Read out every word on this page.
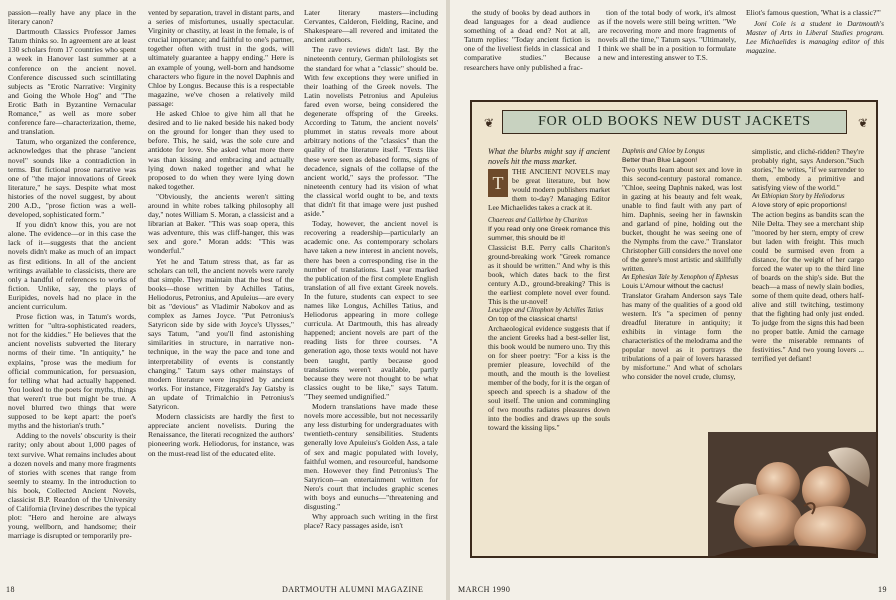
passion—really have any place in the literary canon?

Dartmouth Classics Professor James Tatum thinks so. In agreement are at least 130 scholars from 17 countries who spent a week in Hanover last summer at a conference on the ancient novel. Conference discussed such scintillating subjects as "Erotic Narrative: Virginity and Going the Whole Hog" and "The Erotic Bath in Byzantine Vernacular Romance," as well as more sober conference fare—characterization, theme, and translation.

Tatum, who organized the conference, acknowledges that the phrase "ancient novel" sounds like a contradiction in terms. But fictional prose narrative was one of "the major innovations of Greek literature," he says. Despite what most histories of the novel suggest, by about 200 A.D., "prose fiction was a well-developed, sophisticated form."

If you didn't know this, you are not alone. The evidence—or in this case the lack of it—suggests that the ancient novels didn't make as much of an impact as first editions. In all of the ancient writings available to classicists, there are only a handful of references to works of fiction. Unlike, say, the plays of Euripides, novels had no place in the ancient curriculum.

Prose fiction was, in Tatum's words, written for "ultra-sophisticated readers, not for the kiddies." He believes that the ancient novelists subverted the literary norms of their time. "In antiquity," he explains, "prose was the medium for official communication, for persuasion, for telling what had actually happened. You looked to the poets for myths, things that weren't true but might be true. A novel blurred two things that were supposed to be kept apart: the poet's myths and the historian's truth."

Adding to the novels' obscurity is their rarity; only about about 1,000 pages of text survive. What remains includes about a dozen novels and many more fragments of stories with scenes that range from seemly to steamy. In the introduction to his book, Collected Ancient Novels, classicist B.P. Reardon of the University of California (Irvine) describes the typical plot: "Hero and heroine are always young, wellborn, and handsome; their marriage is disrupted or temporarily pre-

vented by separation, travel in distant parts, and a series of misfortunes, usually spectacular. Virginity or chastity, at least in the female, is of crucial importance; and faithful to one's partner, together often with trust in the gods, will ultimately guarantee a happy ending." Here is an example of young, well-born and handsome characters who figure in the novel Daphnis and Chloe by Longus. Because this is a respectable magazine, we've chosen a relatively mild passage:

He asked Chloe to give him all that he desired and to lie naked beside his naked body on the ground for longer than they used to before. This, he said, was the sole cure and antidote for love. She asked what more there was than kissing and embracing and actually lying down naked together and what he proposed to do when they were lying down naked together.

"Obviously, the ancients weren't sitting around in white robes talking philosophy all day," notes William S. Moran, a classicist and a librarian at Baker. "This was soap opera, this was adventure, this was cliff-hanger, this was sex and gore." Moran adds: "This was wonderful."

Yet he and Tatum stress that, as far as scholars can tell, the ancient novels were rarely that simple. They maintain that the best of the books—those written by Achilles Tatius, Heliodorus, Petronius, and Apuleius—are every bit as "devious" as Vladimir Nabokov and as complex as James Joyce. "Put Petronius's Satyricon side by side with Joyce's Ulysses," says Tatum, "and you'll find astonishing similarities in structure, in narrative non-technique, in the way the pace and tone and interpretability of events is constantly changing." Tatum says other mainstays of modern literature were inspired by ancient works. For instance, Fitzgerald's Jay Gatsby is an update of Trimalchio in Petronius's Satyricon.

Modern classicists are hardly the first to appreciate ancient novelists. During the Renaissance, the literati recognized the authors' pioneering work. Heliodorus, for instance, was on the must-read list of the educated elite.

Later literary masters—including Cervantes, Calderon, Fielding, Racine, and Shakespeare—all revered and imitated the ancient authors.

The rave reviews didn't last. By the nineteenth century, German philologists set the standard for what a "classic" should be. With few exceptions they were unified in their loathing of the Greek novels. The Latin novelists Petronius and Apuleius fared even worse, being considered the degenerate offspring of the Greeks. According to Tatum, the ancient novels' plummet in status reveals more about arbitrary notions of the "classics" than the quality of the literature itself. "Texts like these were seen as debased forms, signs of decadence, signals of the collapse of the ancient world," says the professor. "The nineteenth century had its vision of what the classical world ought to be, and texts that didn't fit that image were just pushed aside."

Today, however, the ancient novel is recovering a readership—particularly an academic one. As contemporary scholars have taken a new interest in ancient novels, there has been a corresponding rise in the number of translations. Last year marked the publication of the first complete English translation of all five extant Greek novels. In the future, students can expect to see names like Longus, Achilles Tatius, and Heliodorus appearing in more college curricula. At Dartmouth, this has already happened; ancient novels are part of the reading lists for three courses. "A generation ago, those texts would not have been taught, partly because good translations weren't available, partly because they were not thought to be what classics ought to be like," says Tatum. "They seemed undignified."

Modern translations have made these novels more accessible, but not necessarily any less disturbing for undergraduates with twentieth-century sensibilities. Students generally love Apuleius's Golden Ass, a tale of sex and magic populated with lovely, faithful women, and resourceful, handsome men. However they find Petronius's The Satyricon—an entertainment written for Nero's court that includes graphic scenes with boys and eunuchs—"threatening and disgusting."

Why approach such writing in the first place? Racy passages aside, isn't

18	DARTMOUTH ALUMNI MAGAZINE

the study of books by dead authors in dead languages for a dead audience something of a dead end? Not at all, Tatum replies: "Today ancient fiction is one of the liveliest fields in classical and comparative studies." Because researchers have only published a frac-

tion of the total body of work, it's almost as if the novels were still being written. "We are recovering more and more fragments of novels all the time," Tatum says. "Ultimately, I think we shall be in a position to formulate a new and interesting answer to T.S.

Eliot's famous question, 'What is a classic?'"

Joni Cole is a student in Dartmouth's Master of Arts in Liberal Studies program. Lee Michaelides is managing editor of this magazine.

❦	FOR OLD BOOKS NEW DUST JACKETS	❦

What the blurbs might say if ancient novels hit the mass market.

T
THE ANCIENT NOVELS may be great literature, but how would modern publishers market them to-day? Managing Editor Lee Michaelides takes a crack at it.

Chaereas and Callirhoe by Chariton

If you read only one Greek romance this summer, this should be it!

Classicist B.E. Perry calls Chariton's ground-breaking work "Greek romance as it should be written." And why is this book, which dates back to the first century A.D., ground-breaking? This is the earliest complete novel ever found. This is the ur-novel!

Leucippe and Clitophon by Achilles Tatius

On top of the classical charts!

Archaeological evidence suggests that if the ancient Greeks had a best-seller list, this book would be numero uno. Try this on for sheer poetry: "For a kiss is the premier pleasure, lovechild of the mouth, and the mouth is the loveliest member of the body, for it is the organ of speech and speech is a shadow of the soul itself. The union and commingling of two mouths radiates pleasures down into the bodies and draws up the souls toward the kissing lips."

Daphnis and Chloe by Longus

Better than Blue Lagoon!

Two youths learn about sex and love in this second-century pastoral romance. "Chloe, seeing Daphnis naked, was lost in gazing at his beauty and felt weak, unable to find fault with any part of him. Daphnis, seeing her in fawnskin and garland of pine, holding out the bucket, thought he was seeing one of the Nymphs from the cave." Translator Christopher Gill considers the novel one of the genre's most artistic and skillfully written.

An Ephesian Tale by Xenophon of Ephesus

Louis L'Amour without the cactus!

Translator Graham Anderson says Tale has many of the qualities of a good old western. It's "a specimen of penny dreadful literature in antiquity; it exhibits in vintage form the characteristics of the melodrama and the popular novel as it portrays the tribulations of a pair of lovers harassed by misfortune." And what of scholars who consider the novel crude, clumsy,

simplistic, and cliché-ridden? They're probably right, says Anderson."Such stories," he writes, "if we surrender to them, embody a primitive and satisfying view of the world."

An Ethiopian Story by Heliodorus

A love story of epic proportions!

The action begins as bandits scan the Nile Delta. They see a merchant ship "moored by her stern, empty of crew but laden with freight. This much could be surmised even from a distance, for the weight of her cargo forced the water up to the third line of boards on the ship's side. But the beach—a mass of newly slain bodies, some of them quite dead, others half-alive and still twitching, testimony that the fighting had only just ended. To judge from the signs this had been no proper battle. Amid the carnage were the miserable remnants of festivities." And two young lovers ... terrified yet defiant!

MARCH 1990	19
